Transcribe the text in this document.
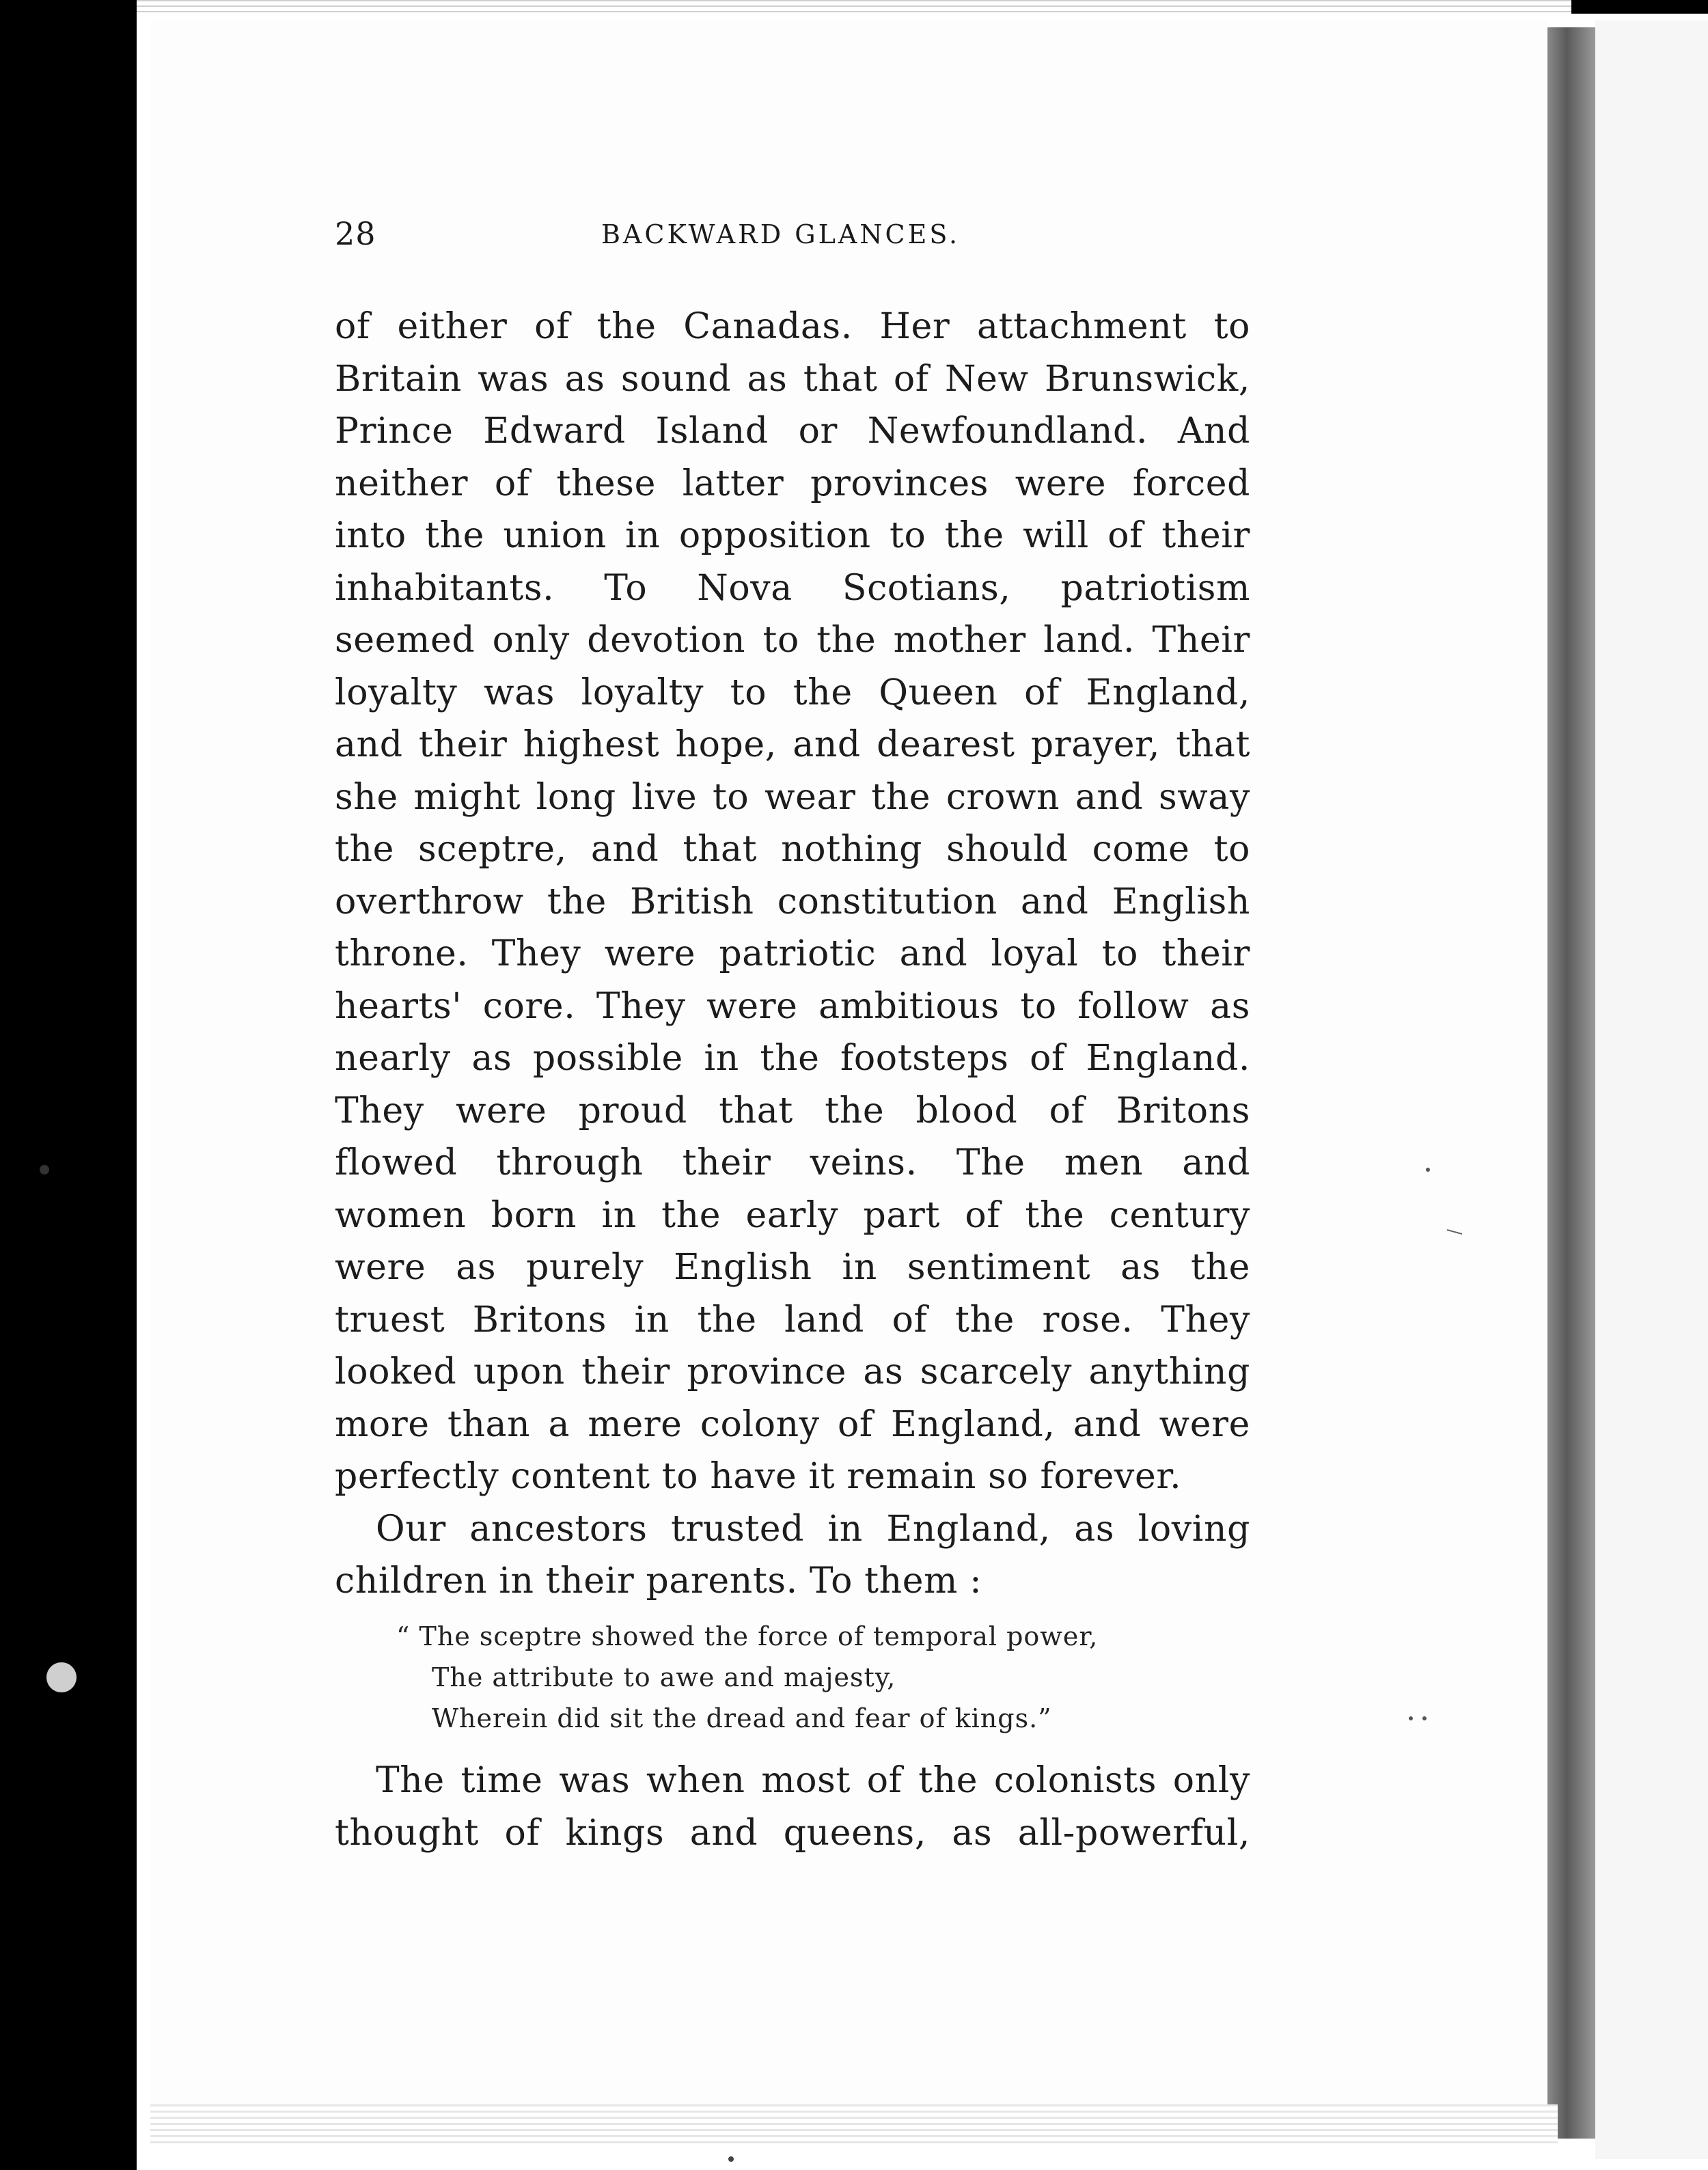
28	BACKWARD GLANCES.
of either of the Canadas. Her attachment to
Britain was as sound as that of New Brunswick,
Prince Edward Island or Newfoundland. And
neither of these latter provinces were forced
into the union in opposition to the will of their
inhabitants. To Nova Scotians, patriotism
seemed only devotion to the mother land. Their
loyalty was loyalty to the Queen of England,
and their highest hope, and dearest prayer, that
she might long live to wear the crown and sway
the sceptre, and that nothing should come to
overthrow the British constitution and English
throne. They were patriotic and loyal to their
hearts' core. They were ambitious to follow as
nearly as possible in the footsteps of England.
They were proud that the blood of Britons
flowed through their veins. The men and
women born in the early part of the century
were as purely English in sentiment as the
truest Britons in the land of the rose. They
looked upon their province as scarcely anything
more than a mere colony of England, and were
perfectly content to have it remain so forever.
Our ancestors trusted in England, as loving
children in their parents. To them :
“ The sceptre showed the force of temporal power,
The attribute to awe and majesty,
Wherein did sit the dread and fear of kings.”
The time was when most of the colonists only
thought of kings and queens, as all-powerful,
